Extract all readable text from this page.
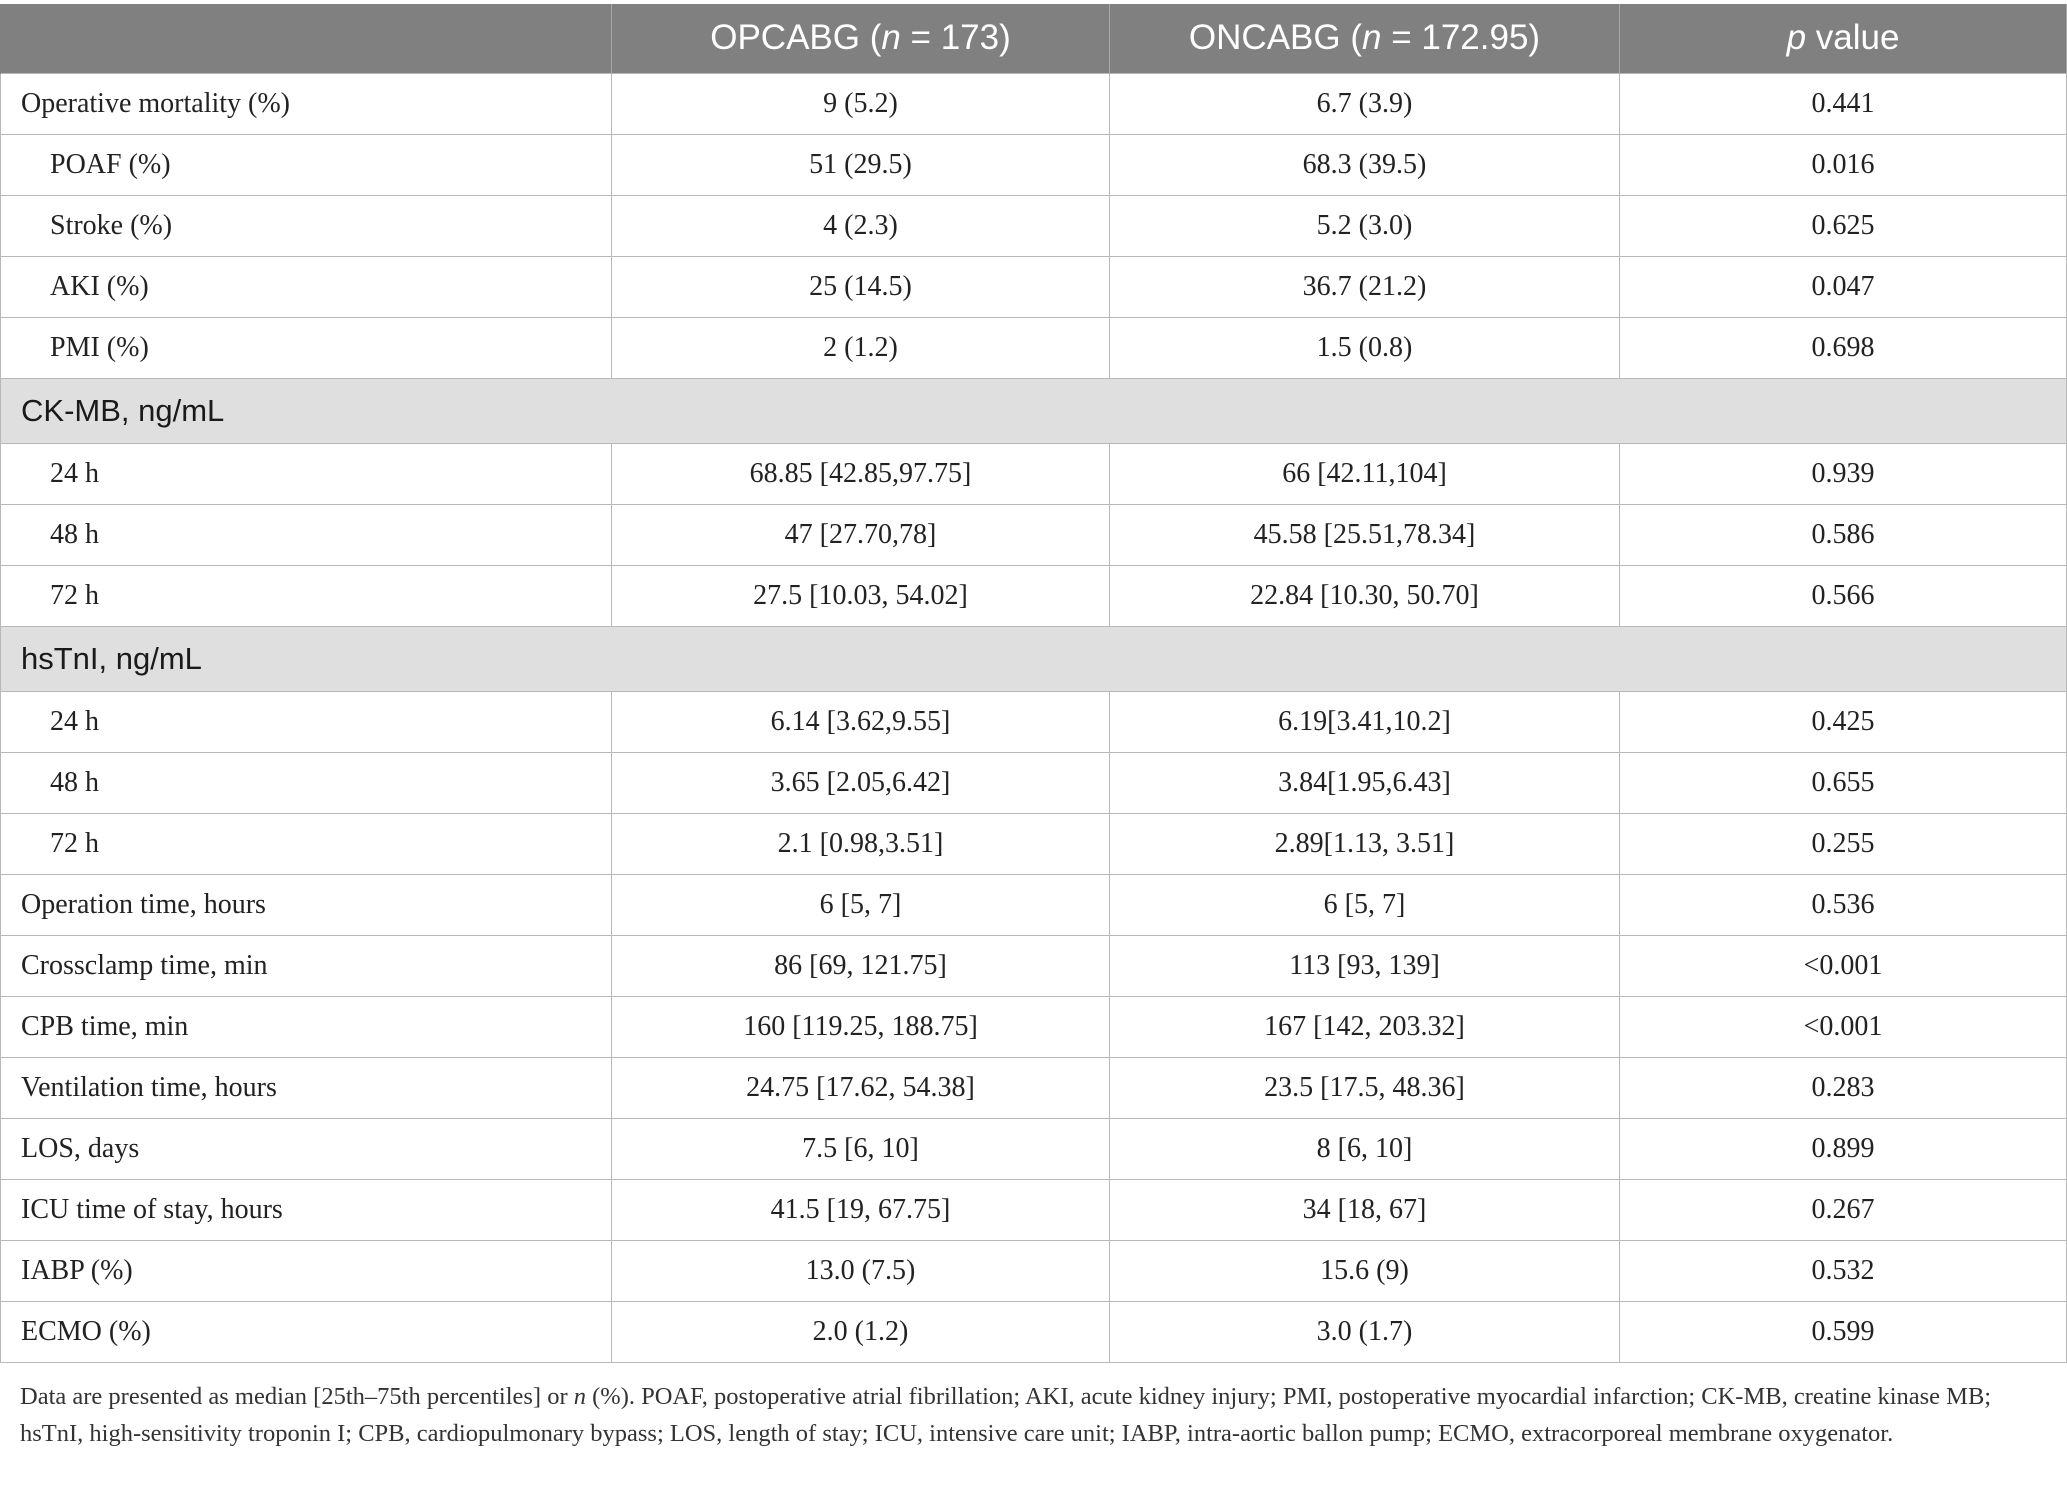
	OPCABG (n = 173)	ONCABG (n = 172.95)	p value
Operative mortality (%)	9 (5.2)	6.7 (3.9)	0.441
POAF (%)	51 (29.5)	68.3 (39.5)	0.016
Stroke (%)	4 (2.3)	5.2 (3.0)	0.625
AKI (%)	25 (14.5)	36.7 (21.2)	0.047
PMI (%)	2 (1.2)	1.5 (0.8)	0.698
CK-MB, ng/mL			
24 h	68.85 [42.85,97.75]	66 [42.11,104]	0.939
48 h	47 [27.70,78]	45.58 [25.51,78.34]	0.586
72 h	27.5 [10.03, 54.02]	22.84 [10.30, 50.70]	0.566
hsTnI, ng/mL			
24 h	6.14 [3.62,9.55]	6.19[3.41,10.2]	0.425
48 h	3.65 [2.05,6.42]	3.84[1.95,6.43]	0.655
72 h	2.1 [0.98,3.51]	2.89[1.13, 3.51]	0.255
Operation time, hours	6 [5, 7]	6 [5, 7]	0.536
Crossclamp time, min	86 [69, 121.75]	113 [93, 139]	<0.001
CPB time, min	160 [119.25, 188.75]	167 [142, 203.32]	<0.001
Ventilation time, hours	24.75 [17.62, 54.38]	23.5 [17.5, 48.36]	0.283
LOS, days	7.5 [6, 10]	8 [6, 10]	0.899
ICU time of stay, hours	41.5 [19, 67.75]	34 [18, 67]	0.267
IABP (%)	13.0 (7.5)	15.6 (9)	0.532
ECMO (%)	2.0 (1.2)	3.0 (1.7)	0.599
Data are presented as median [25th–75th percentiles] or n (%). POAF, postoperative atrial fibrillation; AKI, acute kidney injury; PMI, postoperative myocardial infarction; CK-MB, creatine kinase MB; hsTnI, high-sensitivity troponin I; CPB, cardiopulmonary bypass; LOS, length of stay; ICU, intensive care unit; IABP, intra-aortic ballon pump; ECMO, extracorporeal membrane oxygenator.
